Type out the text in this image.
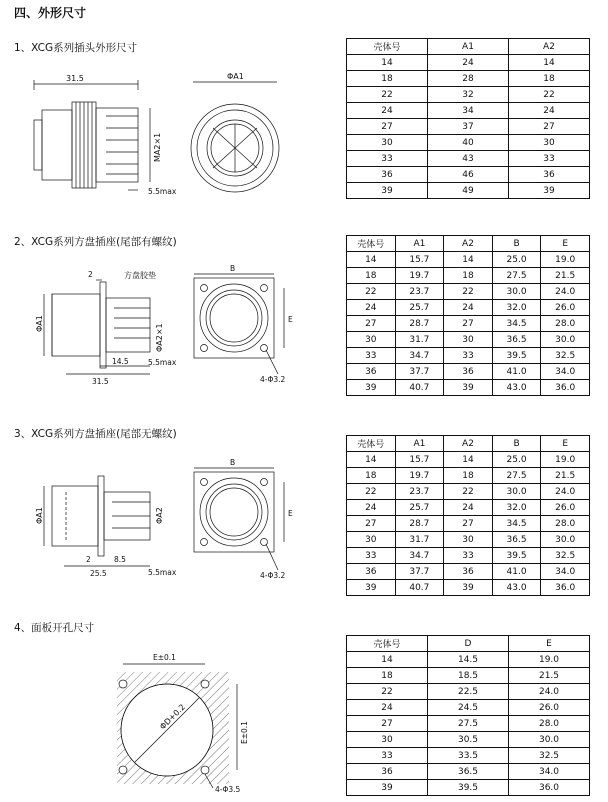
四、外形尺寸
1、XCG系列插头外形尺寸
2、XCG系列方盘插座(尾部有螺纹)
3、XCG系列方盘插座(尾部无螺纹)
4、面板开孔尺寸
壳体号	A1	A2
14	24	14
18	28	18
22	32	22
24	34	24
27	37	27
30	40	30
33	43	33
36	46	36
39	49	39
壳体号	A1	A2	B	E
14	15.7	14	25.0	19.0
18	19.7	18	27.5	21.5
22	23.7	22	30.0	24.0
24	25.7	24	32.0	26.0
27	28.7	27	34.5	28.0
30	31.7	30	36.5	30.0
33	34.7	33	39.5	32.5
36	37.7	36	41.0	34.0
39	40.7	39	43.0	36.0
壳体号	A1	A2	B	E
14	15.7	14	25.0	19.0
18	19.7	18	27.5	21.5
22	23.7	22	30.0	24.0
24	25.7	24	32.0	26.0
27	28.7	27	34.5	28.0
30	31.7	30	36.5	30.0
33	34.7	33	39.5	32.5
36	37.7	36	41.0	34.0
39	40.7	39	43.0	36.0
壳体号	D	E
14	14.5	19.0
18	18.5	21.5
22	22.5	24.0
24	24.5	26.0
27	27.5	28.0
30	30.5	30.0
33	33.5	32.5
36	36.5	34.0
39	39.5	36.0
31.5
MA2×1
5.5max
ΦA1
2	方盘胶垫
ΦA1	ΦA2×1
14.5	5.5max
31.5
B
E
4-Φ3.2
ΦA1	ΦA2
2	8.5
25.5	5.5max
B
E
4-Φ3.2
E±0.1
ΦD+0.2
E±0.1
4-Φ3.5
